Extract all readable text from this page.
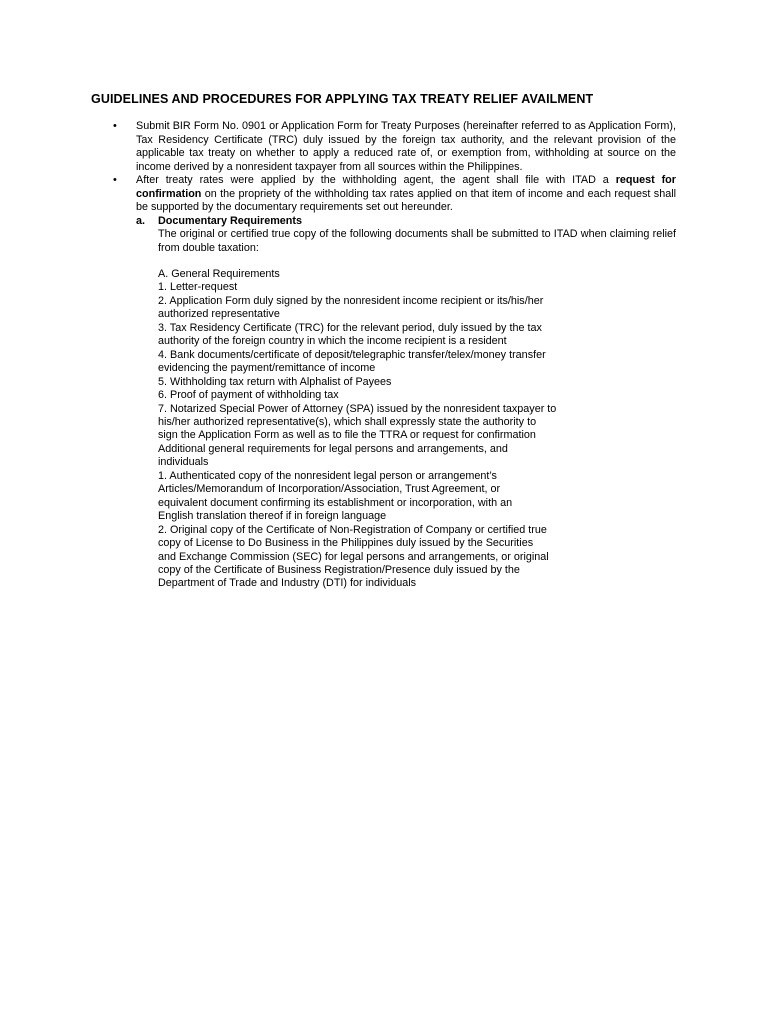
GUIDELINES AND PROCEDURES FOR APPLYING TAX TREATY RELIEF AVAILMENT
• Submit BIR Form No. 0901 or Application Form for Treaty Purposes (hereinafter referred to as Application Form), Tax Residency Certificate (TRC) duly issued by the foreign tax authority, and the relevant provision of the applicable tax treaty on whether to apply a reduced rate of, or exemption from, withholding at source on the income derived by a nonresident taxpayer from all sources within the Philippines.
• After treaty rates were applied by the withholding agent, the agent shall file with ITAD a request for confirmation on the propriety of the withholding tax rates applied on that item of income and each request shall be supported by the documentary requirements set out hereunder.
a. Documentary Requirements
The original or certified true copy of the following documents shall be submitted to ITAD when claiming relief from double taxation:
A. General Requirements
1. Letter-request
2. Application Form duly signed by the nonresident income recipient or its/his/her
authorized representative
3. Tax Residency Certificate (TRC) for the relevant period, duly issued by the tax
authority of the foreign country in which the income recipient is a resident
4. Bank documents/certificate of deposit/telegraphic transfer/telex/money transfer
evidencing the payment/remittance of income
5. Withholding tax return with Alphalist of Payees
6. Proof of payment of withholding tax
7. Notarized Special Power of Attorney (SPA) issued by the nonresident taxpayer to
his/her authorized representative(s), which shall expressly state the authority to
sign the Application Form as well as to file the TTRA or request for confirmation
Additional general requirements for legal persons and arrangements, and
individuals
1. Authenticated copy of the nonresident legal person or arrangement’s
Articles/Memorandum of Incorporation/Association, Trust Agreement, or
equivalent document confirming its establishment or incorporation, with an
English translation thereof if in foreign language
2. Original copy of the Certificate of Non-Registration of Company or certified true
copy of License to Do Business in the Philippines duly issued by the Securities
and Exchange Commission (SEC) for legal persons and arrangements, or original
copy of the Certificate of Business Registration/Presence duly issued by the
Department of Trade and Industry (DTI) for individuals
